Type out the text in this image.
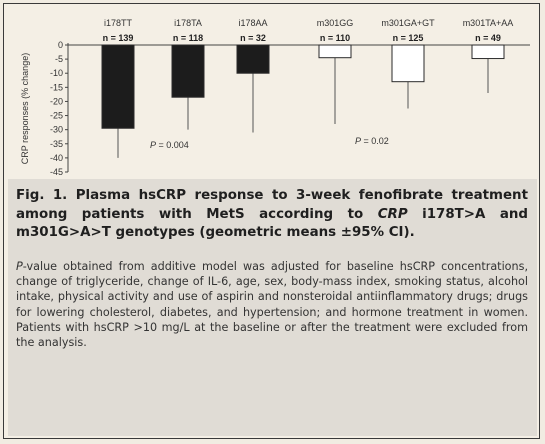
CRP responses (% change)
0
-5
-10
-15
-20
-25
-30
-35
-40
-45
i178TT
n = 139
i178TA
n = 118
i178AA
n = 32
m301GG
n = 110
m301GA+GT
n = 125
m301TA+AA
n = 49
P = 0.004	P = 0.02
Fig. 1. Plasma hsCRP response to 3-week fenofibrate treatment among patients with MetS according to CRP i178T>A and m301G>A>T genotypes (geometric means ±95% CI).
P-value obtained from additive model was adjusted for baseline hsCRP concentrations, change of triglyceride, change of IL-6, age, sex, body-mass index, smoking status, alcohol intake, physical activity and use of aspirin and nonsteroidal antiinflammatory drugs; drugs for lowering cholesterol, diabetes, and hypertension; and hormone treatment in women. Patients with hsCRP >10 mg/L at the baseline or after the treatment were excluded from the analysis.
